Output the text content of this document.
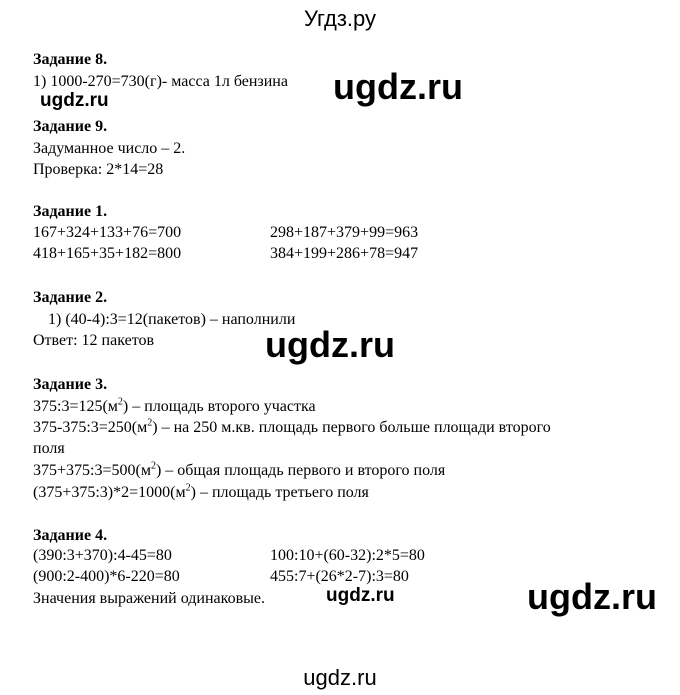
Угдз.ру
Задание 8.
1) 1000-270=730(г)- масса 1л бензина ugdz.ru
ugdz.ru
Задание 9.
Задуманное число – 2.
Проверка: 2*14=28
Задание 1.
167+324+133+76=700	298+187+379+99=963
418+165+35+182=800	384+199+286+78=947
Задание 2.
1) (40-4):3=12(пакетов) – наполнили
Ответ: 12 пакетов	ugdz.ru
Задание 3.
$375:3=125(м^2)$ – площадь второго участка
$375-375:3=250(м^2)$ – на 250 м.кв. площадь первого больше площади второго
поля
$375+375:3=500(м^2)$ – общая площадь первого и второго поля
$(375+375:3)*2=1000(м^2)$ – площадь третьего поля
Задание 4.
(390:3+370):4-45=80	100:10+(60-32):2*5=80
(900:2-400)*6-220=80	455:7+(26*2-7):3=80
Значения выражений одинаковые.	ugdz.ru	ugdz.ru
ugdz.ru
